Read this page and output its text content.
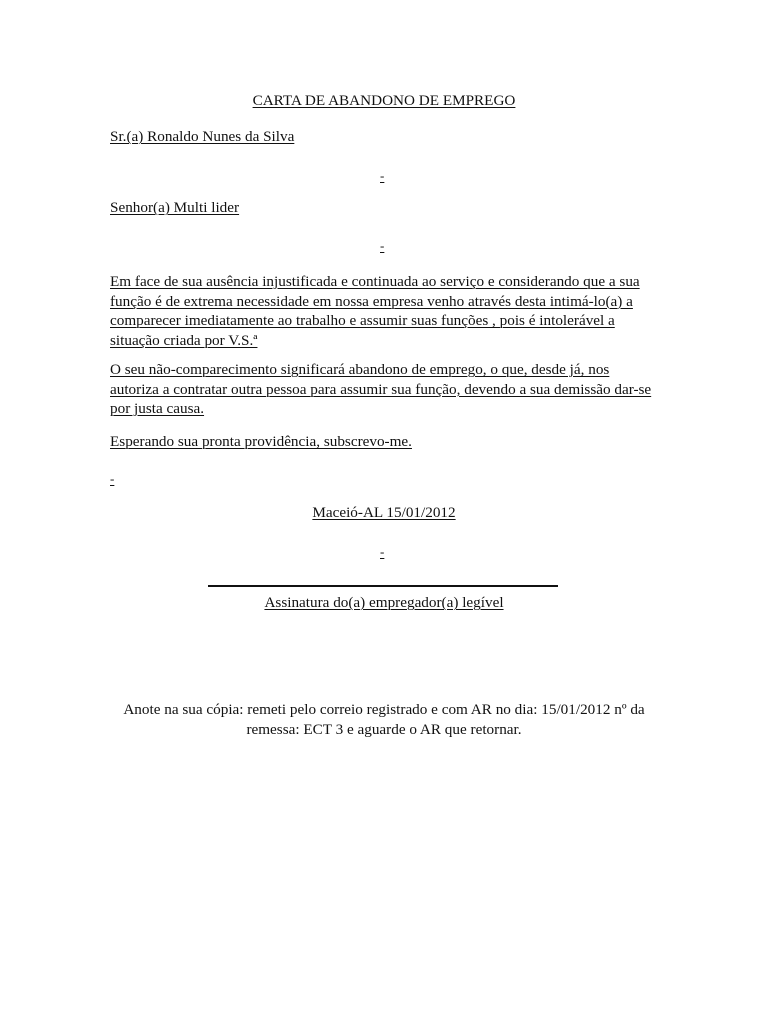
CARTA DE ABANDONO DE EMPREGO
Sr.(a) Ronaldo Nunes da Silva
-
Senhor(a) Multi lider
-
Em face de sua ausência injustificada e continuada ao serviço e considerando que a sua função é de extrema necessidade em nossa empresa venho através desta intimá-lo(a) a comparecer imediatamente ao trabalho e assumir suas funções , pois é intolerável a situação criada por V.S.ª
O seu não-comparecimento significará abandono de emprego, o que, desde já, nos autoriza a contratar outra pessoa para assumir sua função, devendo a sua demissão dar-se por justa causa.
Esperando sua pronta providência, subscrevo-me.
-
Maceió-AL 15/01/2012
-
Assinatura do(a) empregador(a) legível
Anote na sua cópia: remeti pelo correio registrado e com AR no dia: 15/01/2012 nº da
remessa: ECT 3 e aguarde o AR que retornar.
